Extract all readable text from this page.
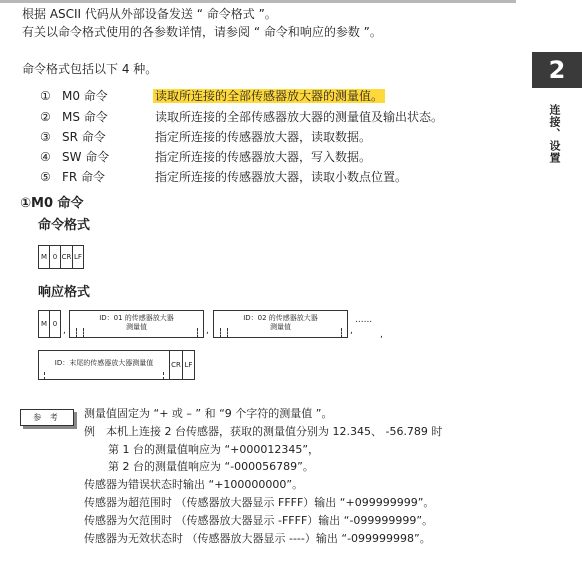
根据 ASCII 代码从外部设备发送 “ 命令格式 ”。
有关以命令格式使用的各参数详情，请参阅 “ 命令和响应的参数 ”。
命令格式包括以下 4 种。	2
连接、设置
① M0 命令	读取所连接的全部传感器放大器的测量值。
② MS 命令	读取所连接的全部传感器放大器的测量值及输出状态。
③ SR 命令	指定所连接的传感器放大器，读取数据。
④ SW 命令	指定所连接的传感器放大器，写入数据。
⑤ FR 命令	指定所连接的传感器放大器，读取小数点位置。
①M0 命令
命令格式
M 0 CR LF
响应格式
M 0
,
ID：01 的传感器放大器
测量值	,
ID：02 的传感器放大器
测量值	,
......
,
ID：末尾的传感器放大器测量值	CR LF
参 考	测量值固定为 “+ 或 – ” 和 “9 个字符的测量值 ”。
例　本机上连接 2 台传感器，获取的测量值分别为 12.345、 -56.789 时
第 1 台的测量值响应为 “+000012345”，
第 2 台的测量值响应为 “-000056789”。
传感器为错误状态时输出 “+100000000”。
传感器为超范围时 （传感器放大器显示 FFFF）输出 “+099999999”。
传感器为欠范围时 （传感器放大器显示 -FFFF）输出 “-099999999”。
传感器为无效状态时 （传感器放大器显示 ----）输出 “-099999998”。
